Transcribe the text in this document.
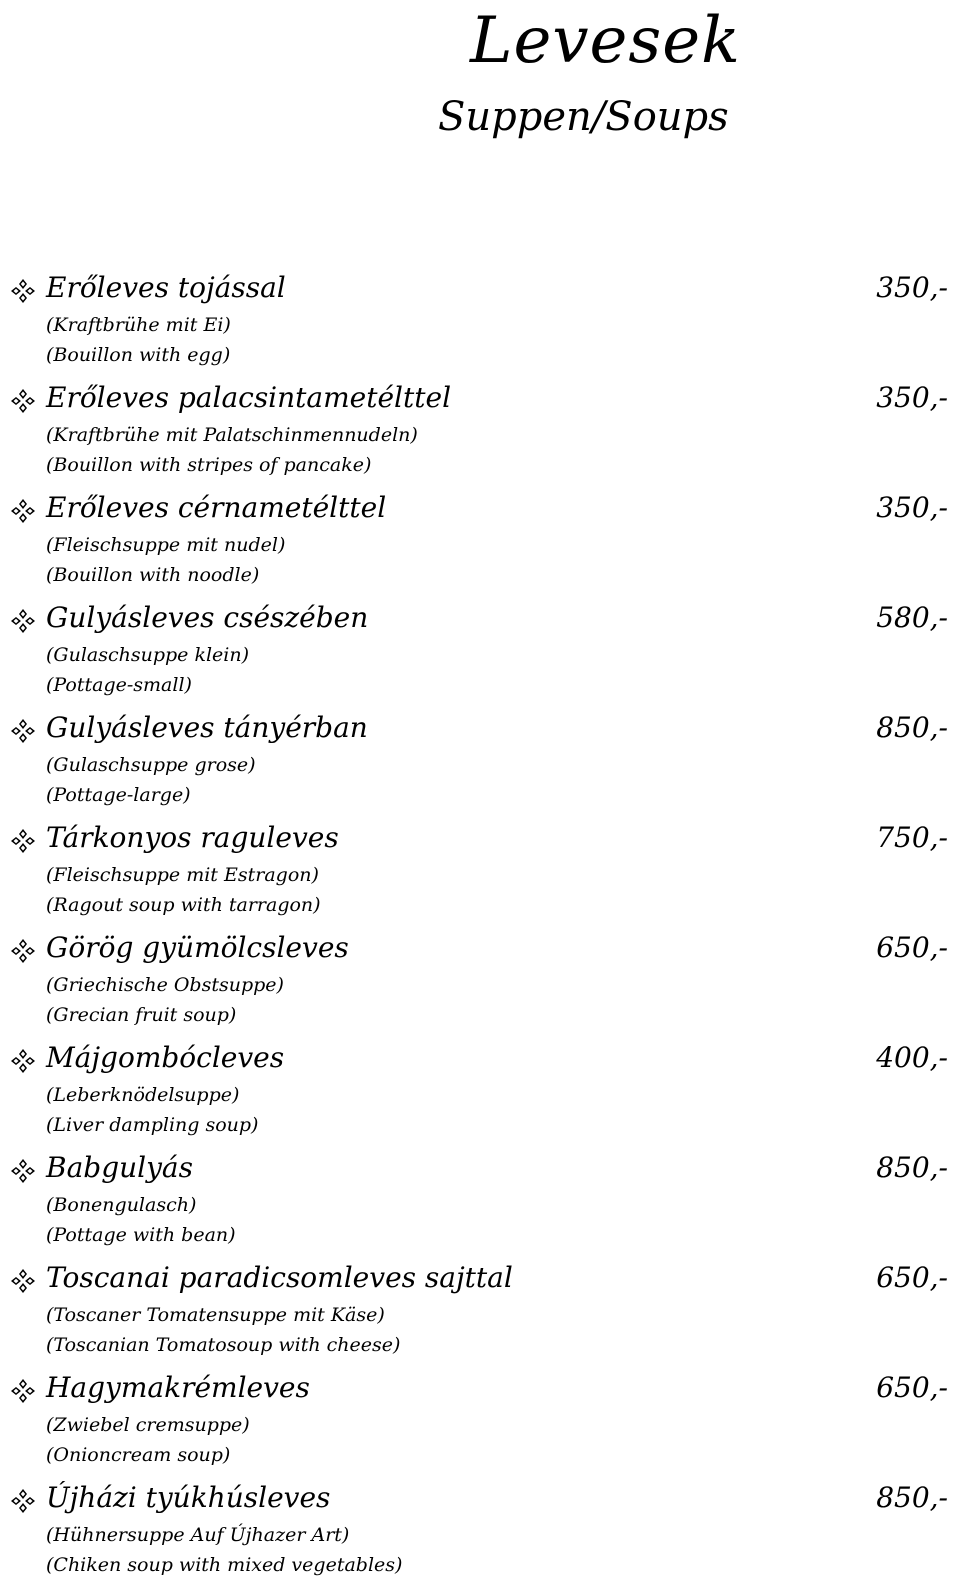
Levesek
Suppen/Soups
Erőleves tojással	350,-
(Kraftbrühe mit Ei)
(Bouillon with egg)
Erőleves palacsintametélttel	350,-
(Kraftbrühe mit Palatschinmennudeln)
(Bouillon with stripes of pancake)
Erőleves cérnametélttel	350,-
(Fleischsuppe mit nudel)
(Bouillon with noodle)
Gulyásleves csészében	580,-
(Gulaschsuppe klein)
(Pottage-small)
Gulyásleves tányérban	850,-
(Gulaschsuppe grose)
(Pottage-large)
Tárkonyos raguleves	750,-
(Fleischsuppe mit Estragon)
(Ragout soup with tarragon)
Görög gyümölcsleves	650,-
(Griechische Obstsuppe)
(Grecian fruit soup)
Májgombócleves	400,-
(Leberknödelsuppe)
(Liver dampling soup)
Babgulyás	850,-
(Bonengulasch)
(Pottage with bean)
Toscanai paradicsomleves sajttal	650,-
(Toscaner Tomatensuppe mit Käse)
(Toscanian Tomatosoup with cheese)
Hagymakrémleves	650,-
(Zwiebel cremsuppe)
(Onioncream soup)
Újházi tyúkhúsleves	850,-
(Hühnersuppe Auf Újhazer Art)
(Chiken soup with mixed vegetables)
